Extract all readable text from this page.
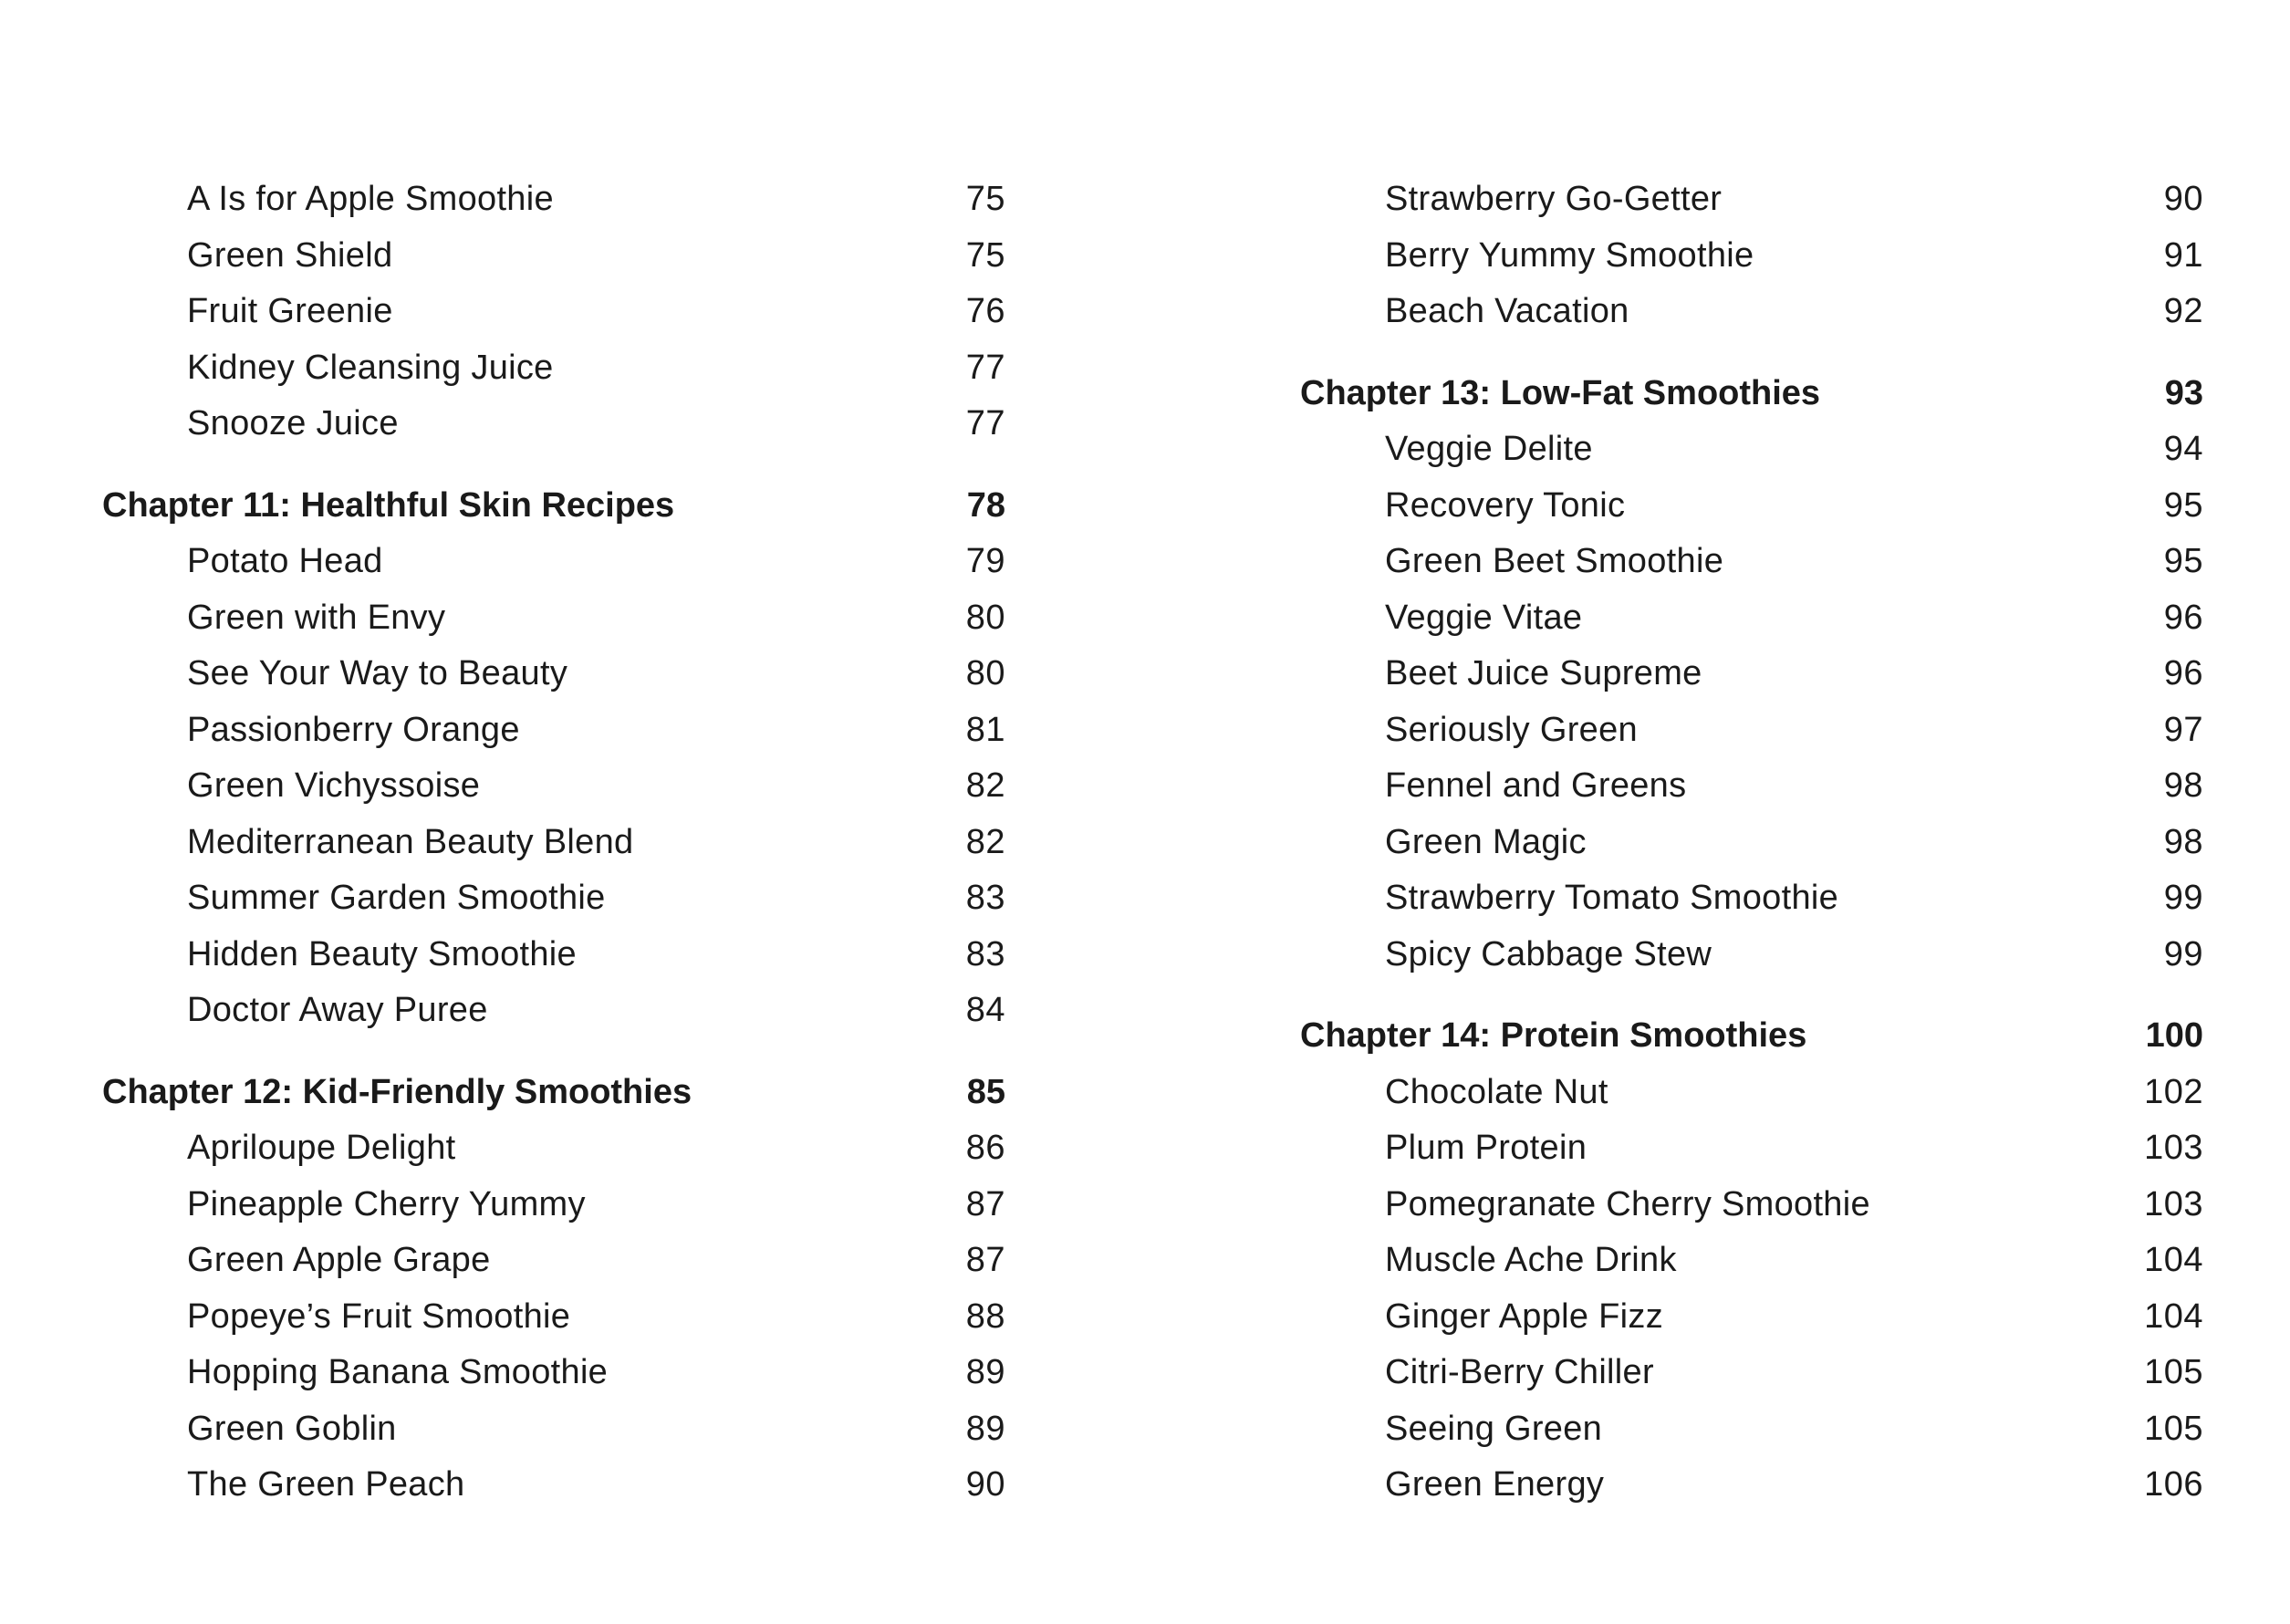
A Is for Apple Smoothie	75
Green Shield	75
Fruit Greenie	76
Kidney Cleansing Juice	77
Snooze Juice	77
Chapter 11: Healthful Skin Recipes	78
Potato Head	79
Green with Envy	80
See Your Way to Beauty	80
Passionberry Orange	81
Green Vichyssoise	82
Mediterranean Beauty Blend	82
Summer Garden Smoothie	83
Hidden Beauty Smoothie	83
Doctor Away Puree	84
Chapter 12: Kid-Friendly Smoothies	85
Apriloupe Delight	86
Pineapple Cherry Yummy	87
Green Apple Grape	87
Popeye’s Fruit Smoothie	88
Hopping Banana Smoothie	89
Green Goblin	89
The Green Peach	90
Strawberry Go-Getter	90
Berry Yummy Smoothie	91
Beach Vacation	92
Chapter 13: Low-Fat Smoothies	93
Veggie Delite	94
Recovery Tonic	95
Green Beet Smoothie	95
Veggie Vitae	96
Beet Juice Supreme	96
Seriously Green	97
Fennel and Greens	98
Green Magic	98
Strawberry Tomato Smoothie	99
Spicy Cabbage Stew	99
Chapter 14: Protein Smoothies	100
Chocolate Nut	102
Plum Protein	103
Pomegranate Cherry Smoothie	103
Muscle Ache Drink	104
Ginger Apple Fizz	104
Citri-Berry Chiller	105
Seeing Green	105
Green Energy	106
